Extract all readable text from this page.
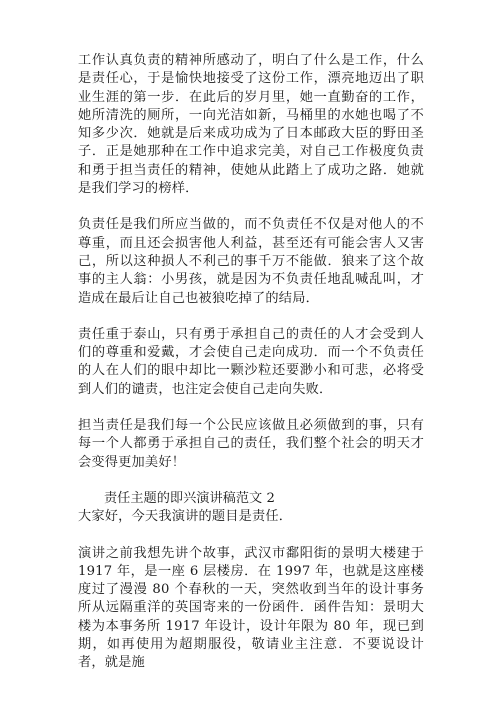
工作认真负责的精神所感动了，明白了什么是工作，什么是责任心，于是愉快地接受了这份工作，漂亮地迈出了职业生涯的第一步．在此后的岁月里，她一直勤奋的工作，她所清洗的厕所，一向光洁如新，马桶里的水她也喝了不知多少次．她就是后来成功成为了日本邮政大臣的野田圣子．正是她那种在工作中追求完美，对自己工作极度负责和勇于担当责任的精神，使她从此踏上了成功之路．她就是我们学习的榜样．

负责任是我们所应当做的，而不负责任不仅是对他人的不尊重，而且还会损害他人利益，甚至还有可能会害人又害己，所以这种损人不利己的事千万不能做．狼来了这个故事的主人翁：小男孩，就是因为不负责任地乱喊乱叫，才造成在最后让自己也被狼吃掉了的结局．

责任重于泰山，只有勇于承担自己的责任的人才会受到人们的尊重和爱戴，才会使自己走向成功．而一个不负责任的人在人们的眼中却比一颗沙粒还要渺小和可悲，必将受到人们的谴责，也注定会使自己走向失败．

担当责任是我们每一个公民应该做且必须做到的事，只有每一个人都勇于承担自己的责任，我们整个社会的明天才会变得更加美好！

责任主题的即兴演讲稿范文 2

大家好，今天我演讲的题目是责任．

演讲之前我想先讲个故事，武汉市鄱阳街的景明大楼建于 1917 年，是一座 6 层楼房．在 1997 年，也就是这座楼度过了漫漫 80 个春秋的一天，突然收到当年的设计事务所从远隔重洋的英国寄来的一份函件．函件告知：景明大楼为本事务所 1917 年设计，设计年限为 80 年，现已到期，如再使用为超期服役，敬请业主注意．不要说设计者，就是施
